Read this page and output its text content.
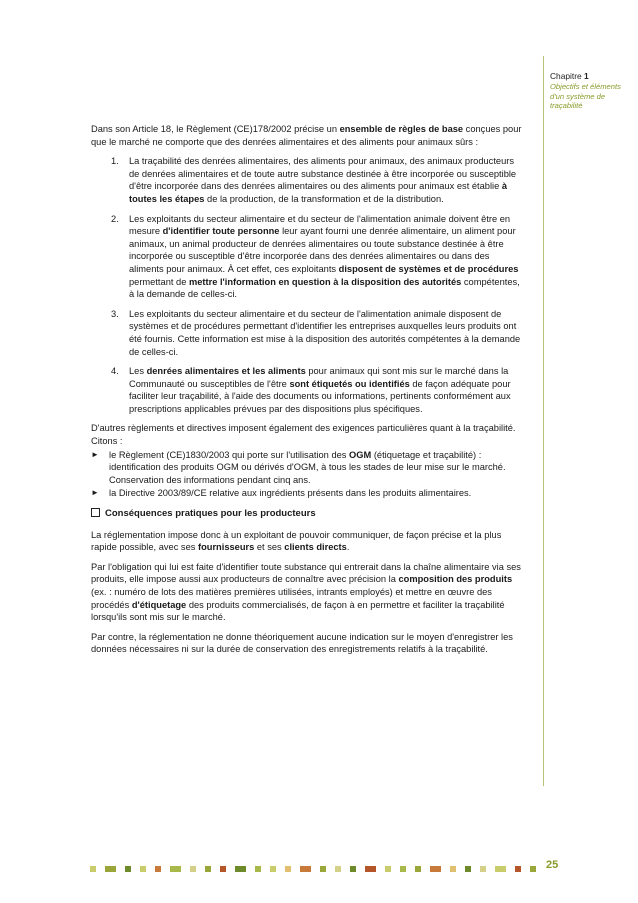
Chapitre 1
Objectifs et éléments d'un système de traçabilité

Dans son Article 18, le Règlement (CE)178/2002 précise un ensemble de règles de base conçues pour que le marché ne comporte que des denrées alimentaires et des aliments pour animaux sûrs :

1. La traçabilité des denrées alimentaires, des aliments pour animaux, des animaux producteurs de denrées alimentaires et de toute autre substance destinée à être incorporée ou susceptible d'être incorporée dans des denrées alimentaires ou des aliments pour animaux est établie à toutes les étapes de la production, de la transformation et de la distribution.
2. Les exploitants du secteur alimentaire et du secteur de l'alimentation animale doivent être en mesure d'identifier toute personne leur ayant fourni une denrée alimentaire, un aliment pour animaux, un animal producteur de denrées alimentaires ou toute substance destinée à être incorporée ou susceptible d'être incorporée dans des denrées alimentaires ou dans des aliments pour animaux. À cet effet, ces exploitants disposent de systèmes et de procédures permettant de mettre l'information en question à la disposition des autorités compétentes, à la demande de celles-ci.
3. Les exploitants du secteur alimentaire et du secteur de l'alimentation animale disposent de systèmes et de procédures permettant d'identifier les entreprises auxquelles leurs produits ont été fournis. Cette information est mise à la disposition des autorités compétentes à la demande de celles-ci.
4. Les denrées alimentaires et les aliments pour animaux qui sont mis sur le marché dans la Communauté ou susceptibles de l'être sont étiquetés ou identifiés de façon adéquate pour faciliter leur traçabilité, à l'aide des documents ou informations, pertinents conformément aux prescriptions applicables prévues par des dispositions plus spécifiques.

D'autres règlements et directives imposent également des exigences particulières quant à la traçabilité. Citons :

► le Règlement (CE)1830/2003 qui porte sur l'utilisation des OGM (étiquetage et traçabilité) : identification des produits OGM ou dérivés d'OGM, à tous les stades de leur mise sur le marché. Conservation des informations pendant cinq ans.
► la Directive 2003/89/CE relative aux ingrédients présents dans les produits alimentaires.
Conséquences pratiques pour les producteurs

La réglementation impose donc à un exploitant de pouvoir communiquer, de façon précise et la plus rapide possible, avec ses fournisseurs et ses clients directs.

Par l'obligation qui lui est faite d'identifier toute substance qui entrerait dans la chaîne alimentaire via ses produits, elle impose aussi aux producteurs de connaître avec précision la composition des produits (ex. : numéro de lots des matières premières utilisées, intrants employés) et mettre en œuvre des procédés d'étiquetage des produits commercialisés, de façon à en permettre et faciliter la traçabilité lorsqu'ils sont mis sur le marché.

Par contre, la réglementation ne donne théoriquement aucune indication sur le moyen d'enregistrer les données nécessaires ni sur la durée de conservation des enregistrements relatifs à la traçabilité.

25
